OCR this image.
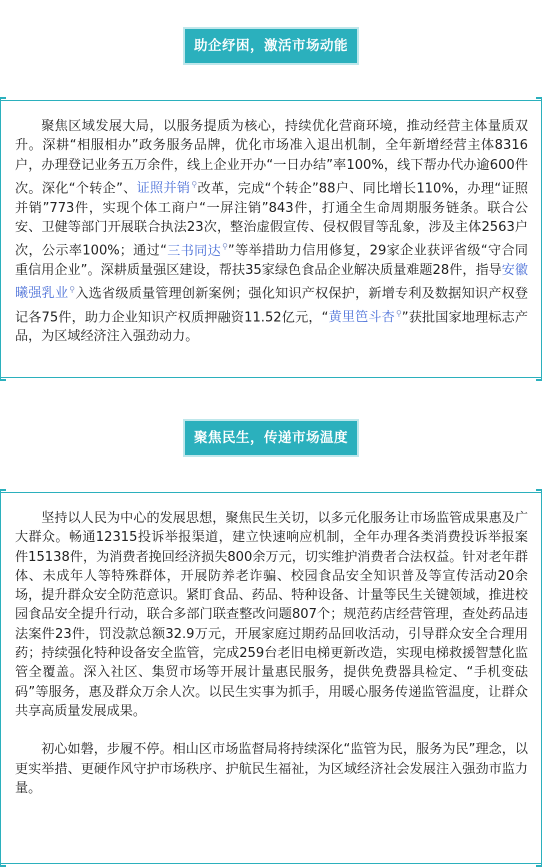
助企纾困，激活市场动能

聚焦区域发展大局，以服务提质为核心，持续优化营商环境，推动经营主体量质双升。深耕“相服相办”政务服务品牌，优化市场准入退出机制，全年新增经营主体8316户，办理登记业务五万余件，线上企业开办“一日办结”率100%，线下帮办代办逾600件次。深化“个转企”、证照并销⚲改革，完成“个转企”88户、同比增长110%，办理“证照并销”773件，实现个体工商户“一屏注销”843件，打通全生命周期服务链条。联合公安、卫健等部门开展联合执法23次，整治虚假宣传、侵权假冒等乱象，涉及主体2563户次，公示率100%；通过“三书同达⚲”等举措助力信用修复，29家企业获评省级“守合同重信用企业”。深耕质量强区建设，帮扶35家绿色食品企业解决质量难题28件，指导安徽曦强乳业⚲入选省级质量管理创新案例；强化知识产权保护，新增专利及数据知识产权登记各75件，助力企业知识产权质押融资11.52亿元，“黄里笆斗杏⚲”获批国家地理标志产品，为区域经济注入强劲动力。

聚焦民生，传递市场温度

坚持以人民为中心的发展思想，聚焦民生关切，以多元化服务让市场监管成果惠及广大群众。畅通12315投诉举报渠道，建立快速响应机制，全年办理各类消费投诉举报案件15138件，为消费者挽回经济损失800余万元，切实维护消费者合法权益。针对老年群体、未成年人等特殊群体，开展防养老诈骗、校园食品安全知识普及等宣传活动20余场，提升群众安全防范意识。紧盯食品、药品、特种设备、计量等民生关键领域，推进校园食品安全提升行动，联合多部门联查整改问题807个；规范药店经营管理，查处药品违法案件23件，罚没款总额32.9万元，开展家庭过期药品回收活动，引导群众安全合理用药；持续强化特种设备安全监管，完成259台老旧电梯更新改造，实现电梯救援智慧化监管全覆盖。深入社区、集贸市场等开展计量惠民服务，提供免费器具检定、“手机变砝码”等服务，惠及群众万余人次。以民生实事为抓手，用暖心服务传递监管温度，让群众共享高质量发展成果。

初心如磐，步履不停。相山区市场监督局将持续深化“监管为民，服务为民”理念，以更实举措、更硬作风守护市场秩序、护航民生福祉，为区域经济社会发展注入强劲市监力量。
